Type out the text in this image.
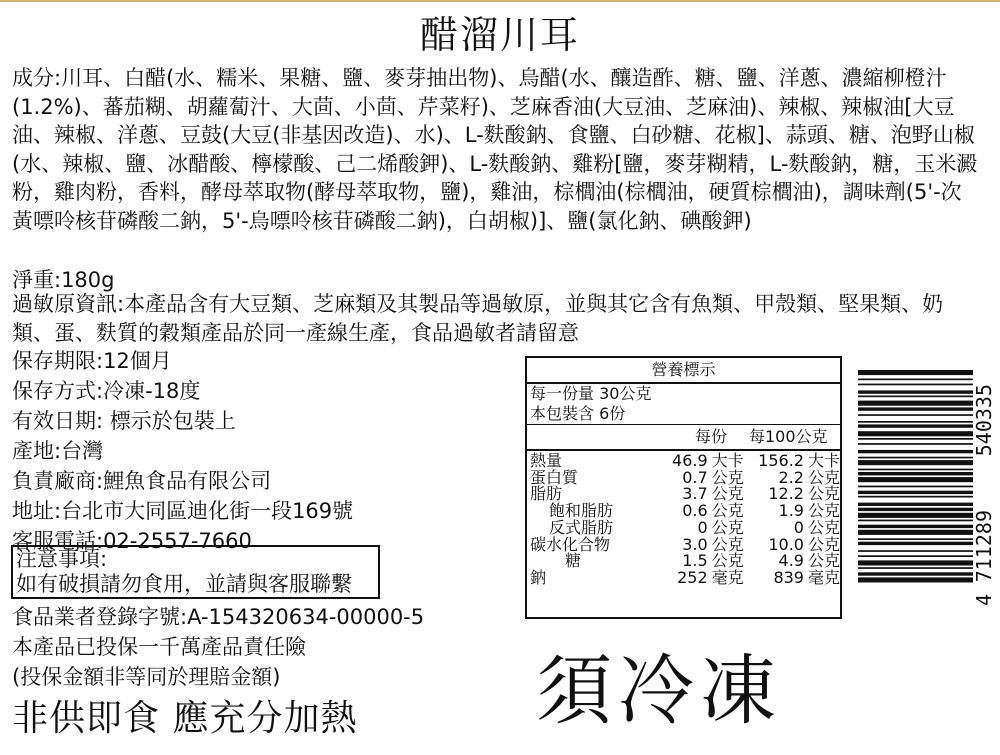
醋溜川耳

成分:川耳、白醋(水、糯米、果糖、鹽、麥芽抽出物)、烏醋(水、釀造酢、糖、鹽、洋蔥、濃縮柳橙汁(1.2%)、蕃茄糊、胡蘿蔔汁、大茴、小茴、芹菜籽)、芝麻香油(大豆油、芝麻油)、辣椒、辣椒油[大豆油、辣椒、洋蔥、豆鼓(大豆(非基因改造)、水)、L-麩酸鈉、食鹽、白砂糖、花椒]、蒜頭、糖、泡野山椒(水、辣椒、鹽、冰醋酸、檸檬酸、己二烯酸鉀)、L-麩酸鈉、雞粉[鹽，麥芽糊精，L-麩酸鈉，糖，玉米澱粉，雞肉粉，香料，酵母萃取物(酵母萃取物，鹽)，雞油，棕櫚油(棕櫚油，硬質棕櫚油)，調味劑(5'-次黃嘌呤核苷磷酸二鈉，5'-烏嘌呤核苷磷酸二鈉)，白胡椒)]、鹽(氯化鈉、碘酸鉀)

淨重:180g
過敏原資訊:本產品含有大豆類、芝麻類及其製品等過敏原，並與其它含有魚類、甲殼類、堅果類、奶類、蛋、麩質的穀類產品於同一產線生產，食品過敏者請留意
保存期限:12個月
保存方式:冷凍-18度
有效日期: 標示於包裝上
產地:台灣
負責廠商:鯉魚食品有限公司
地址:台北市大同區迪化街一段169號
客服電話:02-2557-7660
注意事項:
如有破損請勿食用，並請與客服聯繫
食品業者登錄字號:A-154320634-00000-5
本產品已投保一千萬產品責任險
(投保金額非等同於理賠金額)
非供即食 應充分加熱 須冷凍
營養標示
每一份量 30公克
本包裝含 6份
每份 每100公克
熱量	46.9	大卡	156.2	大卡
蛋白質	0.7	公克	2.2	公克
脂肪	3.7	公克	12.2	公克
飽和脂肪	0.6	公克	1.9	公克
反式脂肪	0	公克	0	公克
碳水化合物	3.0	公克	10.0	公克
糖	1.5	公克	4.9	公克
鈉	252	毫克	839	毫克
4
711289
540335
